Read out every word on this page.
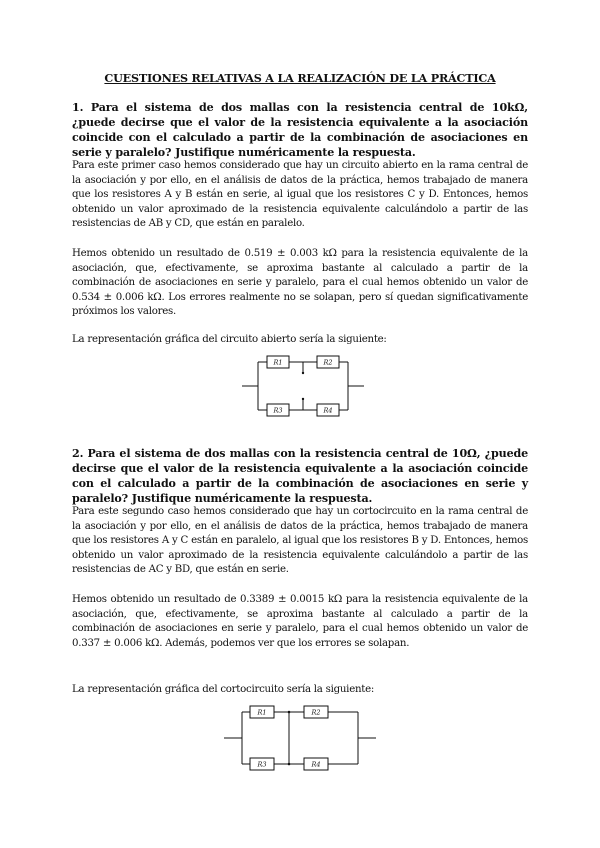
CUESTIONES RELATIVAS A LA REALIZACIÓN DE LA PRÁCTICA
1. Para el sistema de dos mallas con la resistencia central de 10kΩ, ¿puede decirse que el valor de la resistencia equivalente a la asociación coincide con el calculado a partir de la combinación de asociaciones en serie y paralelo? Justifique numéricamente la respuesta.
Para este primer caso hemos considerado que hay un circuito abierto en la rama central de la asociación y por ello, en el análisis de datos de la práctica, hemos trabajado de manera que los resistores A y B están en serie, al igual que los resistores C y D. Entonces, hemos obtenido un valor aproximado de la resistencia equivalente calculándolo a partir de las resistencias de AB y CD, que están en paralelo.
Hemos obtenido un resultado de 0.519 ± 0.003 kΩ para la resistencia equivalente de la asociación, que, efectivamente, se aproxima bastante al calculado a partir de la combinación de asociaciones en serie y paralelo, para el cual hemos obtenido un valor de 0.534 ± 0.006 kΩ. Los errores realmente no se solapan, pero sí quedan significativamente próximos los valores.
La representación gráfica del circuito abierto sería la siguiente:
R1	R2
R3	R4
2. Para el sistema de dos mallas con la resistencia central de 10Ω, ¿puede decirse que el valor de la resistencia equivalente a la asociación coincide con el calculado a partir de la combinación de asociaciones en serie y paralelo? Justifique numéricamente la respuesta.
Para este segundo caso hemos considerado que hay un cortocircuito en la rama central de la asociación y por ello, en el análisis de datos de la práctica, hemos trabajado de manera que los resistores A y C están en paralelo, al igual que los resistores B y D. Entonces, hemos obtenido un valor aproximado de la resistencia equivalente calculándolo a partir de las resistencias de AC y BD, que están en serie.
Hemos obtenido un resultado de 0.3389 ± 0.0015 kΩ para la resistencia equivalente de la asociación, que, efectivamente, se aproxima bastante al calculado a partir de la combinación de asociaciones en serie y paralelo, para el cual hemos obtenido un valor de 0.337 ± 0.006 kΩ. Además, podemos ver que los errores se solapan.
La representación gráfica del cortocircuito sería la siguiente:
R1	R2
R3	R4
